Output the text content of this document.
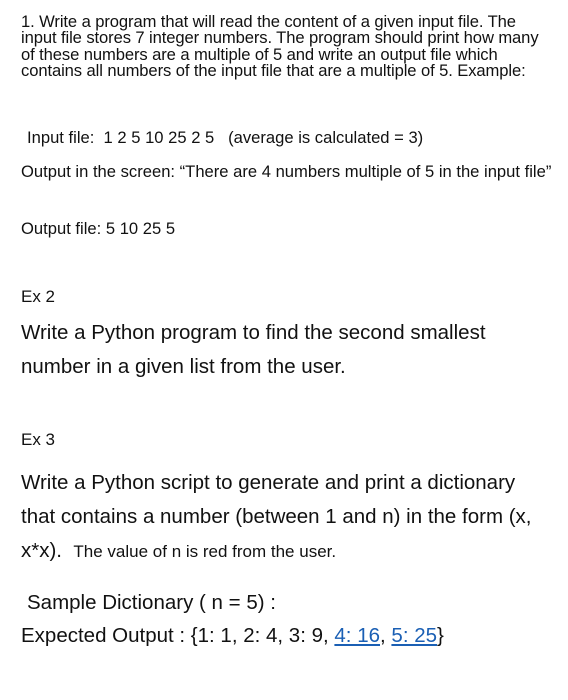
1. Write a program that will read the content of a given input file. The input file stores 7 integer numbers. The program should print how many of these numbers are a multiple of 5 and write an output file which contains all numbers of the input file that are a multiple of 5. Example:

Input file:  1 2 5 10 25 2 5   (average is calculated = 3)

Output in the screen: “There are 4 numbers multiple of 5 in the input file”

Output file: 5 10 25 5

Ex 2

Write a Python program to find the second smallest number in a given list from the user.

Ex 3

Write a Python script to generate and print a dictionary that contains a number (between 1 and n) in the form (x, x*x). The value of n is red from the user.

Sample Dictionary ( n = 5) :

Expected Output : {1: 1, 2: 4, 3: 9, 4: 16, 5: 25}
